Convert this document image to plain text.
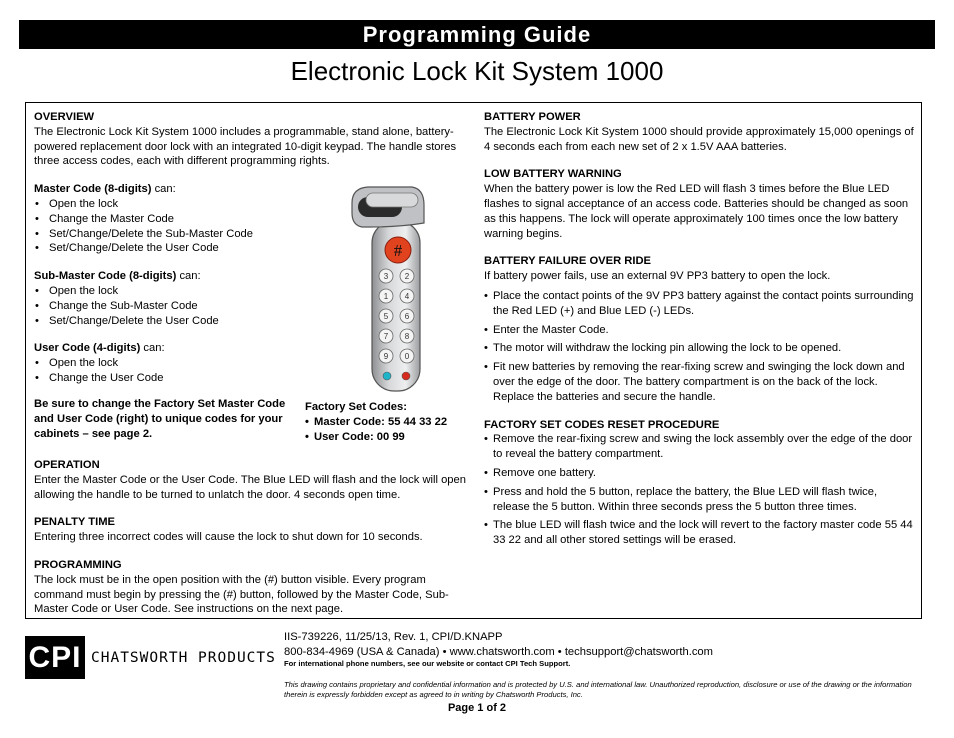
Programming Guide
Electronic Lock Kit System 1000
OVERVIEW

The Electronic Lock Kit System 1000 includes a programmable, stand alone, battery-powered replacement door lock with an integrated 10-digit keypad. The handle stores three access codes, each with different programming rights.

Master Code (8-digits) can:
• Open the lock
• Change the Master Code
• Set/Change/Delete the Sub-Master Code
• Set/Change/Delete the User Code
Sub-Master Code (8-digits) can:
• Open the lock
• Change the Sub-Master Code
• Set/Change/Delete the User Code
User Code (4-digits) can:
• Open the lock
• Change the User Code
Be sure to change the Factory Set Master Code and User Code (right) to unique codes for your cabinets – see page 2.
Factory Set Codes:
• Master Code: 55 44 33 22
• User Code: 00 99
#
3 2
1 4
5 6
7 8
9 0
OPERATION

Enter the Master Code or the User Code. The Blue LED will flash and the lock will open allowing the handle to be turned to unlatch the door. 4 seconds open time.

PENALTY TIME

Entering three incorrect codes will cause the lock to shut down for 10 seconds.

PROGRAMMING

The lock must be in the open position with the (#) button visible. Every program command must begin by pressing the (#) button, followed by the Master Code, Sub-Master Code or User Code. See instructions on the next page.

BATTERY POWER

The Electronic Lock Kit System 1000 should provide approximately 15,000 openings of 4 seconds each from each new set of 2 x 1.5V AAA batteries.

LOW BATTERY WARNING

When the battery power is low the Red LED will flash 3 times before the Blue LED flashes to signal acceptance of an access code. Batteries should be changed as soon as this happens. The lock will operate approximately 100 times once the low battery warning begins.

BATTERY FAILURE OVER RIDE

If battery power fails, use an external 9V PP3 battery to open the lock.

• Place the contact points of the 9V PP3 battery against the contact points surrounding the Red LED (+) and Blue LED (-) LEDs.
• Enter the Master Code.
• The motor will withdraw the locking pin allowing the lock to be opened.
• Fit new batteries by removing the rear-fixing screw and swinging the lock down and over the edge of the door. The battery compartment is on the back of the lock. Replace the batteries and secure the handle.
FACTORY SET CODES RESET PROCEDURE
• Remove the rear-fixing screw and swing the lock assembly over the edge of the door to reveal the battery compartment.
• Remove one battery.
• Press and hold the 5 button, replace the battery, the Blue LED will flash twice, release the 5 button. Within three seconds press the 5 button three times.
• The blue LED will flash twice and the lock will revert to the factory master code 55 44 33 22 and all other stored settings will be erased.
CPI CHATSWORTH PRODUCTS
IIS-739226, 11/25/13, Rev. 1, CPI/D.KNAPP
800-834-4969 (USA & Canada) • www.chatsworth.com • techsupport@chatsworth.com
For international phone numbers, see our website or contact CPI Tech Support.
This drawing contains proprietary and confidential information and is protected by U.S. and international law. Unauthorized reproduction, disclosure or use of the drawing or the information therein is expressly forbidden except as agreed to in writing by Chatsworth Products, Inc.
Page 1 of 2
